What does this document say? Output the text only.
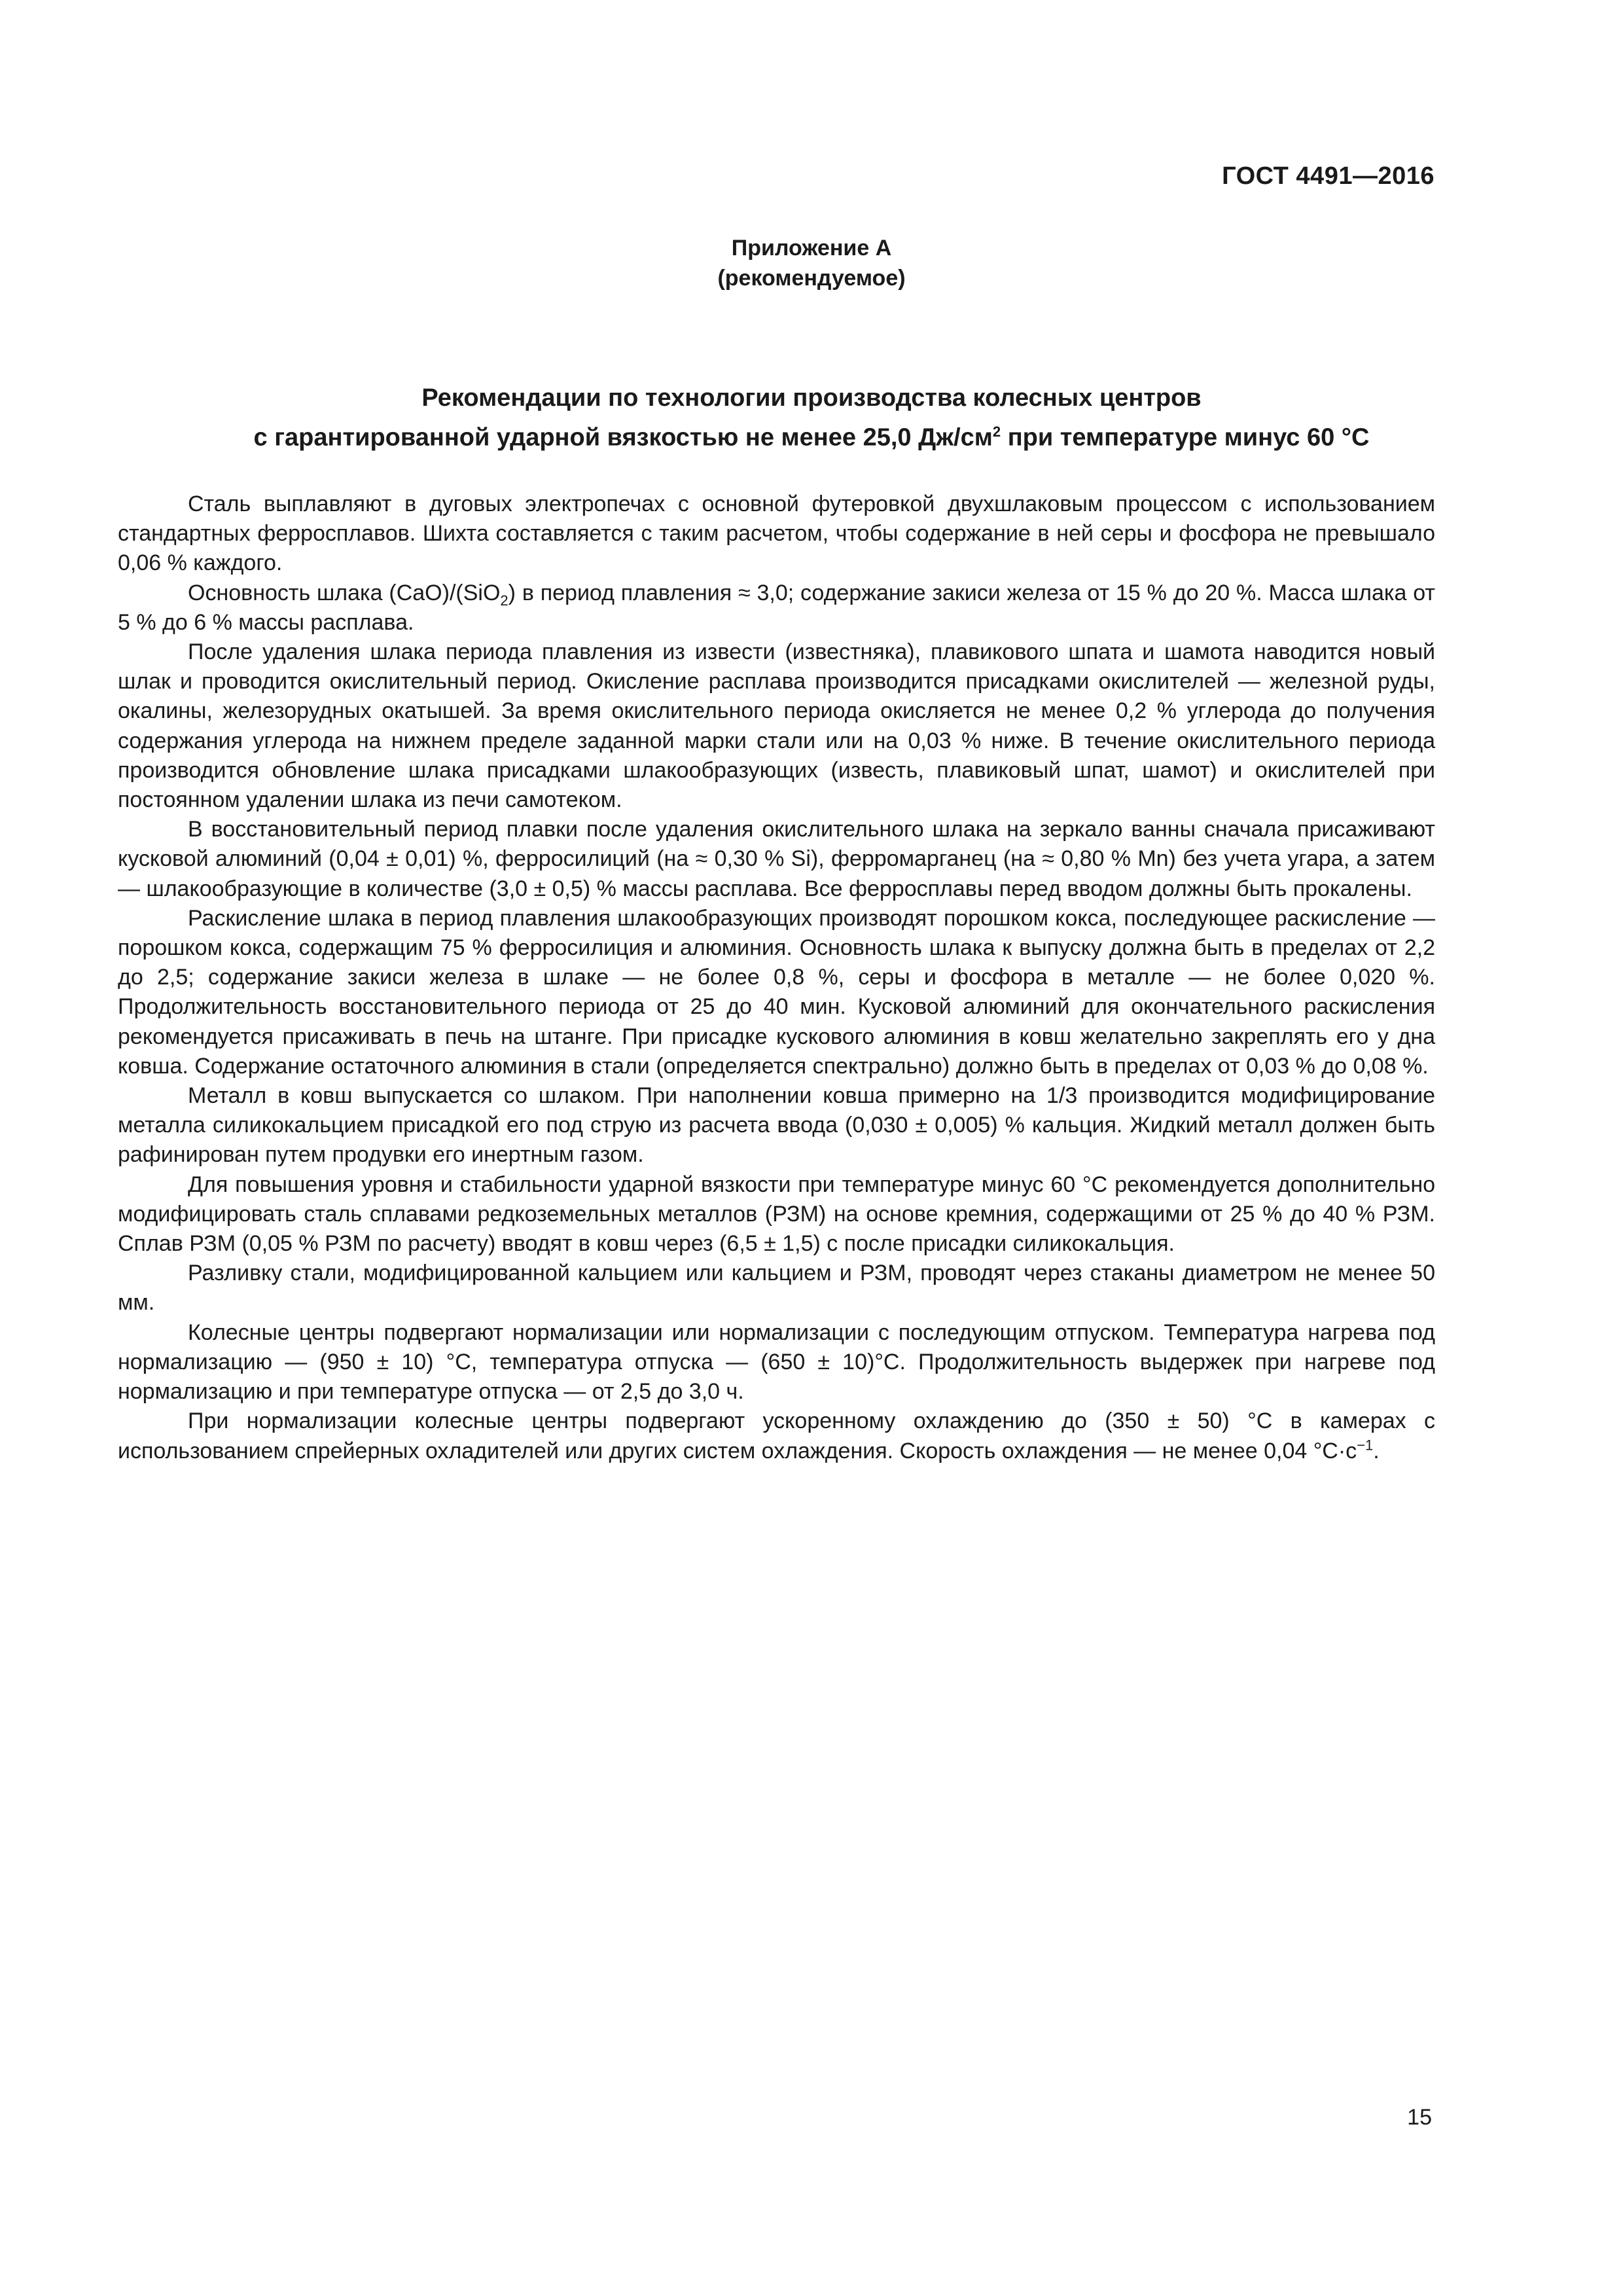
ГОСТ 4491—2016
Приложение А
(рекомендуемое)
Рекомендации по технологии производства колесных центров
с гарантированной ударной вязкостью не менее 25,0 $Дж/см^2$ при температуре минус 60 °С

Сталь выплавляют в дуговых электропечах с основной футеровкой двухшлаковым процессом с использованием стандартных ферросплавов. Шихта составляется с таким расчетом, чтобы содержание в ней серы и фосфора не превышало 0,06 % каждого.

Основность шлака (CaO)/(SiO$_2$) в период плавления ≈ 3,0; содержание закиси железа от 15 % до 20 %. Масса шлака от 5 % до 6 % массы расплава.

После удаления шлака периода плавления из извести (известняка), плавикового шпата и шамота наводится новый шлак и проводится окислительный период. Окисление расплава производится присадками окислителей — железной руды, окалины, железорудных окатышей. За время окислительного периода окисляется не менее 0,2 % углерода до получения содержания углерода на нижнем пределе заданной марки стали или на 0,03 % ниже. В течение окислительного периода производится обновление шлака присадками шлакообразующих (известь, плавиковый шпат, шамот) и окислителей при постоянном удалении шлака из печи самотеком.

В восстановительный период плавки после удаления окислительного шлака на зеркало ванны сначала присаживают кусковой алюминий (0,04 ± 0,01) %, ферросилиций (на ≈ 0,30 % Si), ферромарганец (на ≈ 0,80 % Mn) без учета угара, а затем — шлакообразующие в количестве (3,0 ± 0,5) % массы расплава. Все ферросплавы перед вводом должны быть прокалены.

Раскисление шлака в период плавления шлакообразующих производят порошком кокса, последующее раскисление — порошком кокса, содержащим 75 % ферросилиция и алюминия. Основность шлака к выпуску должна быть в пределах от 2,2 до 2,5; содержание закиси железа в шлаке — не более 0,8 %, серы и фосфора в металле — не более 0,020 %. Продолжительность восстановительного периода от 25 до 40 мин. Кусковой алюминий для окончательного раскисления рекомендуется присаживать в печь на штанге. При присадке кускового алюминия в ковш желательно закреплять его у дна ковша. Содержание остаточного алюминия в стали (определяется спектрально) должно быть в пределах от 0,03 % до 0,08 %.

Металл в ковш выпускается со шлаком. При наполнении ковша примерно на 1/3 производится модифицирование металла силикокальцием присадкой его под струю из расчета ввода (0,030 ± 0,005) % кальция. Жидкий металл должен быть рафинирован путем продувки его инертным газом.

Для повышения уровня и стабильности ударной вязкости при температуре минус 60 °С рекомендуется дополнительно модифицировать сталь сплавами редкоземельных металлов (РЗМ) на основе кремния, содержащими от 25 % до 40 % РЗМ. Сплав РЗМ (0,05 % РЗМ по расчету) вводят в ковш через (6,5 ± 1,5) с после присадки силикокальция.

Разливку стали, модифицированной кальцием или кальцием и РЗМ, проводят через стаканы диаметром не менее 50 мм.

Колесные центры подвергают нормализации или нормализации с последующим отпуском. Температура нагрева под нормализацию — (950 ± 10) °С, температура отпуска — (650 ± 10)°С. Продолжительность выдержек при нагреве под нормализацию и при температуре отпуска — от 2,5 до 3,0 ч.

При нормализации колесные центры подвергают ускоренному охлаждению до (350 ± 50) °С в камерах с использованием спрейерных охладителей или других систем охлаждения. Скорость охлаждения — не менее 0,04 $^\circ С\cdot с^{-1}$.

15
